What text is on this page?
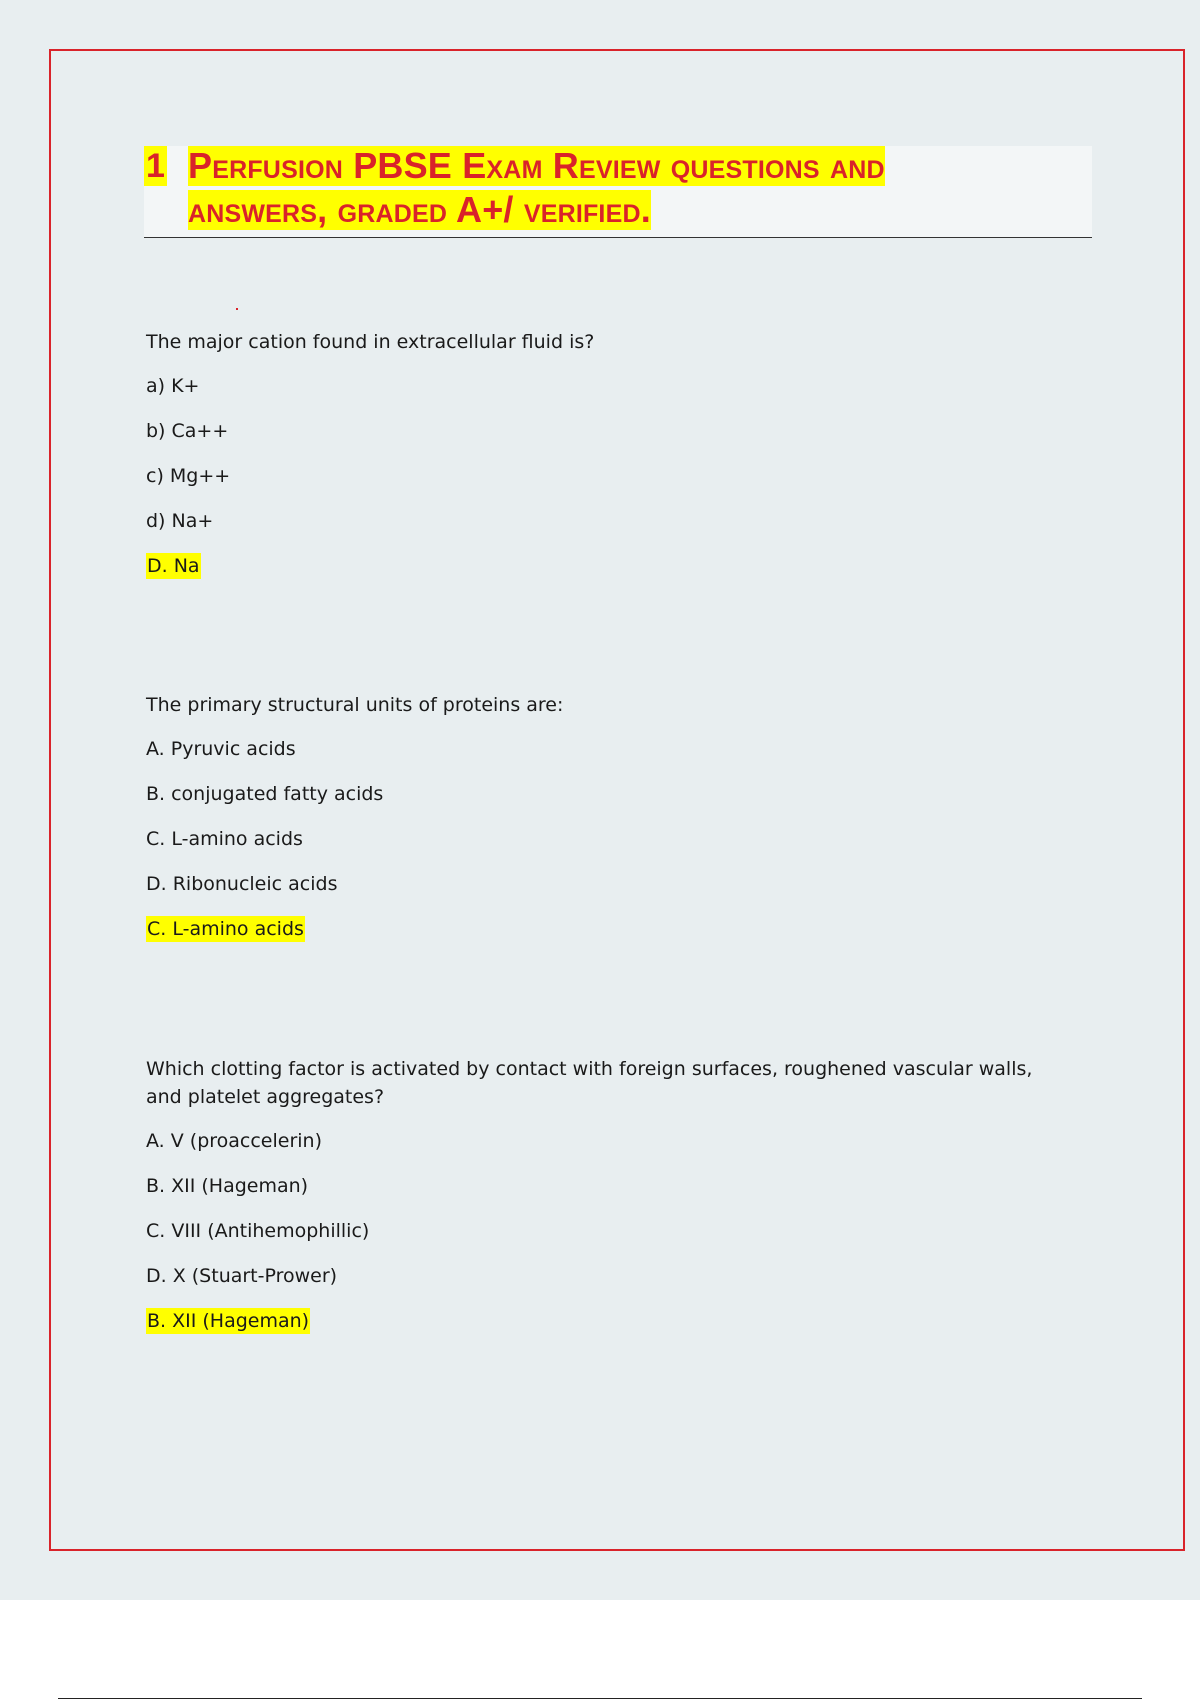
1 Perfusion PBSE Exam Review questions and
answers, graded A+/ verified.
The major cation found in extracellular fluid is?
a) K+
b) Ca++
c) Mg++
d) Na+
D. Na
The primary structural units of proteins are:
A. Pyruvic acids
B. conjugated fatty acids
C. L-amino acids
D. Ribonucleic acids
C. L-amino acids
Which clotting factor is activated by contact with foreign surfaces, roughened vascular walls, and platelet aggregates?
A. V (proaccelerin)
B. XII (Hageman)
C. VIII (Antihemophillic)
D. X (Stuart-Prower)
B. XII (Hageman)
